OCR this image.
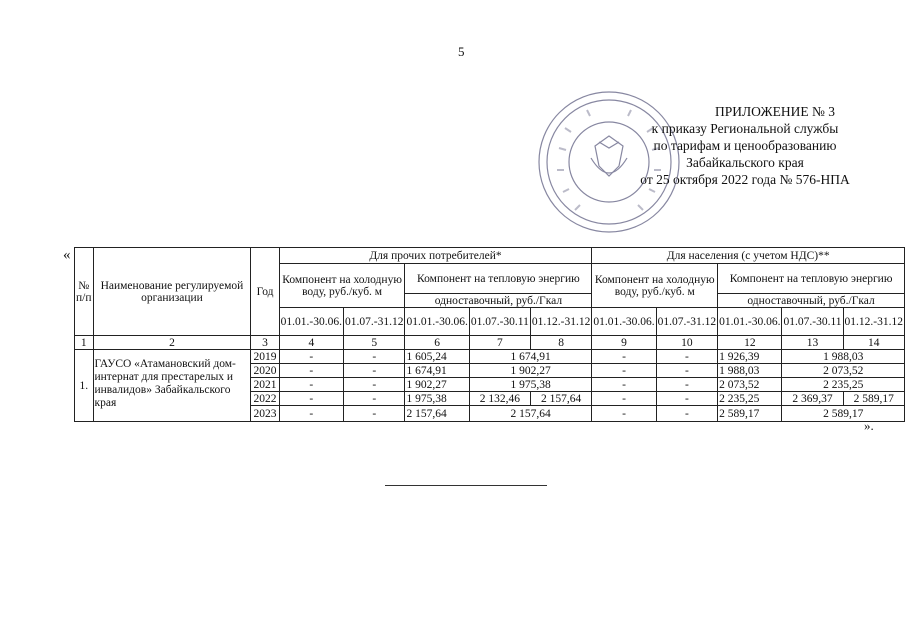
5
ПРИЛОЖЕНИЕ № 3
к приказу Региональной службы
по тарифам и ценообразованию
Забайкальского края
от 25 октября 2022 года № 576-НПА
«
№ п/п	Наименование регулируемой организации	Год	Для прочих потребителей*					Для населения (с учетом НДС)**				
			Компонент на холодную воду, руб./куб. м		Компонент на тепловую энергию			Компонент на холодную воду, руб./куб. м		Компонент на тепловую энергию		
					одноставочный, руб./Гкал					одноставочный, руб./Гкал		
			01.01.-30.06.	01.07.-31.12	01.01.-30.06.	01.07.-30.11	01.12.-31.12	01.01.-30.06.	01.07.-31.12	01.01.-30.06.	01.07.-30.11	01.12.-31.12
1	2	3	4	5	6	7	8	9	10	12	13	14
1.	ГАУСО «Атамановский дом-интернат для престарелых и инвалидов» Забайкальского края	2019	-	-	1 605,24	1 674,91		-	-	1 926,39	1 988,03	
		2020	-	-	1 674,91	1 902,27		-	-	1 988,03	2 073,52	
		2021	-	-	1 902,27	1 975,38		-	-	2 073,52	2 235,25	
		2022	-	-	1 975,38	2 132,46	2 157,64	-	-	2 235,25	2 369,37	2 589,17
		2023	-	-	2 157,64	2 157,64		-	-	2 589,17	2 589,17	
».
